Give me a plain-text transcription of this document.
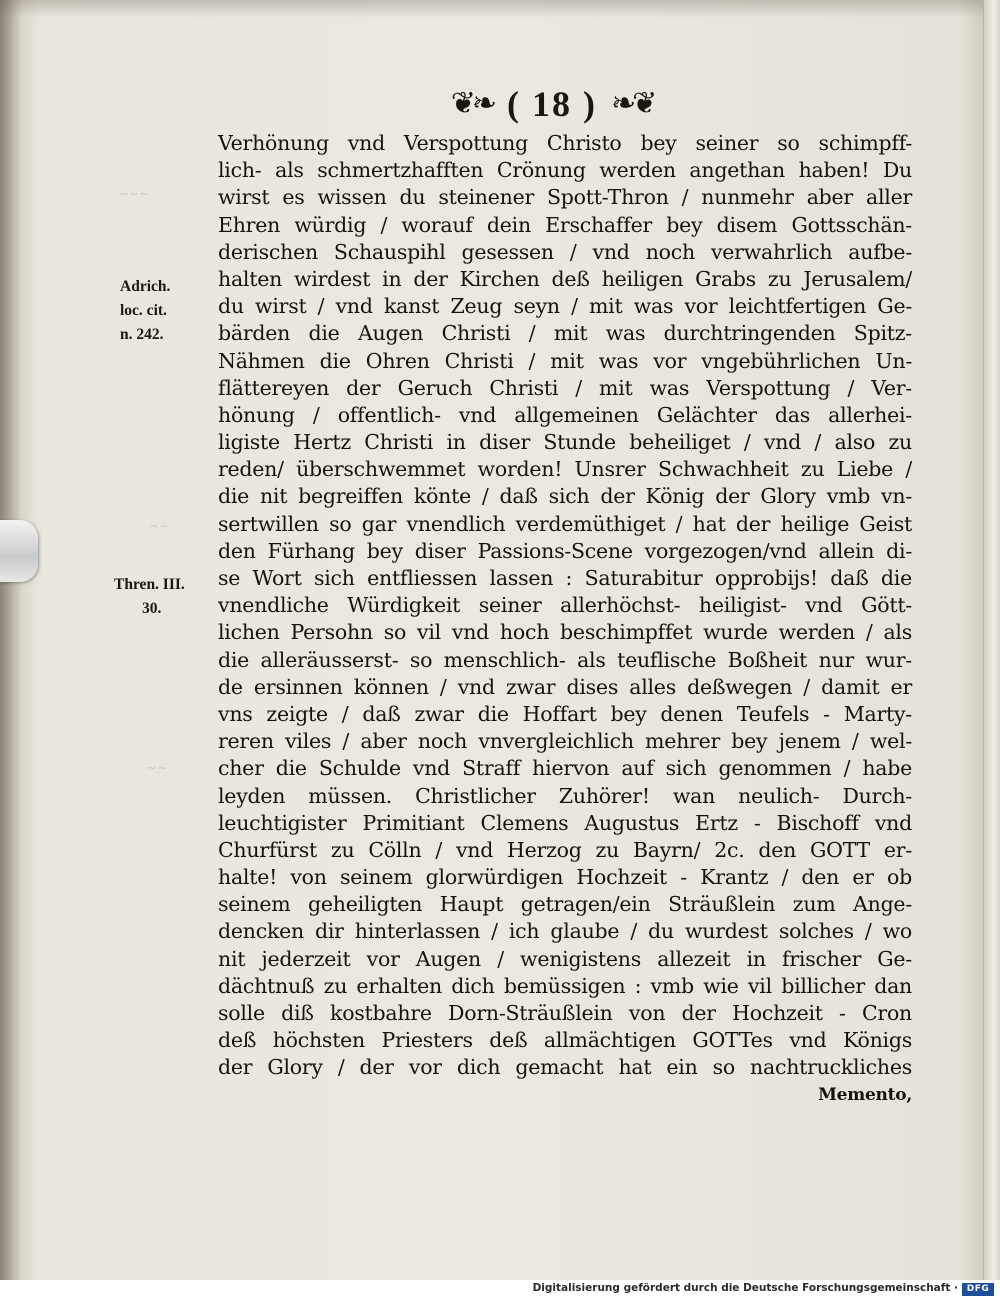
❦❧ ( 18 ) ❧❦
~ ~ ~
~ ~
~ ~
Adrich.
loc. cit.
n. 242.
Thren. III.
30.
Verhönung vnd Verspottung Christo bey seiner so schimpff-
lich- als schmertzhafften Crönung werden angethan haben! Du
wirst es wissen du steinener Spott-Thron / nunmehr aber aller
Ehren würdig / worauf dein Erschaffer bey disem Gottsschän-
derischen Schauspihl gesessen / vnd noch verwahrlich aufbe-
halten wirdest in der Kirchen deß heiligen Grabs zu Jerusalem/
du wirst / vnd kanst Zeug seyn / mit was vor leichtfertigen Ge-
bärden die Augen Christi / mit was durchtringenden Spitz-
Nähmen die Ohren Christi / mit was vor vngebührlichen Un-
flättereyen der Geruch Christi / mit was Verspottung / Ver-
hönung / offentlich- vnd allgemeinen Gelächter das allerhei-
ligiste Hertz Christi in diser Stunde beheiliget / vnd / also zu
reden/ überschwemmet worden! Unsrer Schwachheit zu Liebe /
die nit begreiffen könte / daß sich der König der Glory vmb vn-
sertwillen so gar vnendlich verdemüthiget / hat der heilige Geist
den Fürhang bey diser Passions-Scene vorgezogen/vnd allein di-
se Wort sich entfliessen lassen : Saturabitur opprobijs! daß die
vnendliche Würdigkeit seiner allerhöchst- heiligist- vnd Gött-
lichen Persohn so vil vnd hoch beschimpffet wurde werden / als
die alleräusserst- so menschlich- als teuflische Boßheit nur wur-
de ersinnen können / vnd zwar dises alles deßwegen / damit er
vns zeigte / daß zwar die Hoffart bey denen Teufels - Marty-
reren viles / aber noch vnvergleichlich mehrer bey jenem / wel-
cher die Schulde vnd Straff hiervon auf sich genommen / habe
leyden müssen. Christlicher Zuhörer! wan neulich- Durch-
leuchtigister Primitiant Clemens Augustus Ertz - Bischoff vnd
Churfürst zu Cölln / vnd Herzog zu Bayrn/ 2c. den GOTT er-
halte! von seinem glorwürdigen Hochzeit - Krantz / den er ob
seinem geheiligten Haupt getragen/ein Sträußlein zum Ange-
dencken dir hinterlassen / ich glaube / du wurdest solches / wo
nit jederzeit vor Augen / wenigistens allezeit in frischer Ge-
dächtnuß zu erhalten dich bemüssigen : vmb wie vil billicher dan
solle diß kostbahre Dorn-Sträußlein von der Hochzeit - Cron
deß höchsten Priesters deß allmächtigen GOTTes vnd Königs
der Glory / der vor dich gemacht hat ein so nachtruckliches
Memento,
Digitalisierung gefördert durch die Deutsche Forschungsgemeinschaft · DFG
